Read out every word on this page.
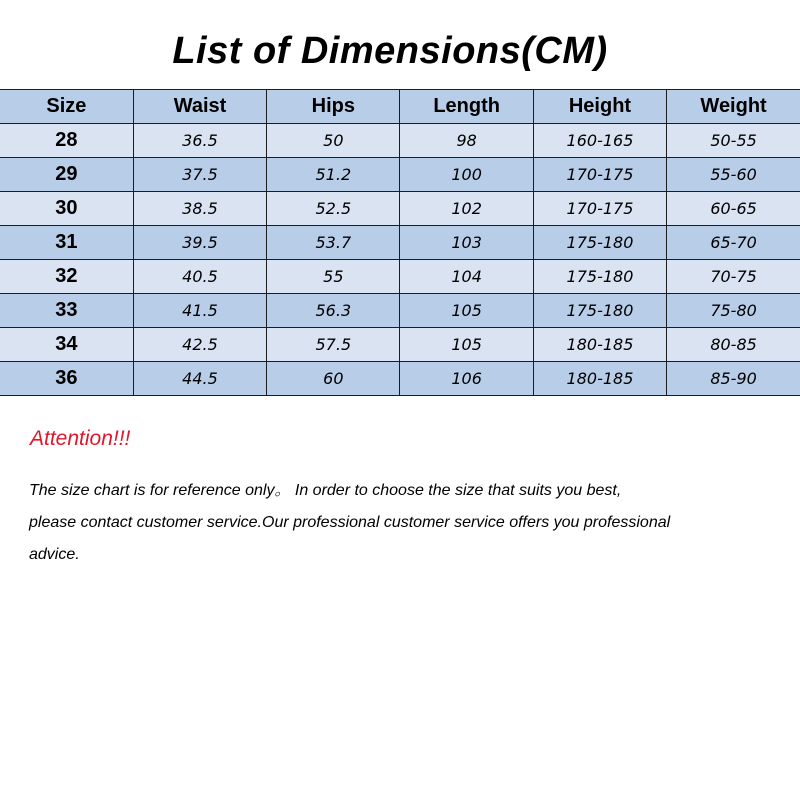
List of Dimensions(CM)
Size	Waist	Hips	Length	Height	Weight
28	36.5	50	98	160-165	50-55
29	37.5	51.2	100	170-175	55-60
30	38.5	52.5	102	170-175	60-65
31	39.5	53.7	103	175-180	65-70
32	40.5	55	104	175-180	70-75
33	41.5	56.3	105	175-180	75-80
34	42.5	57.5	105	180-185	80-85
36	44.5	60	106	180-185	85-90
Attention!!!
The size chart is for reference only。 In order to choose the size that suits you best,
please contact customer service.Our professional customer service offers you professional
advice.
